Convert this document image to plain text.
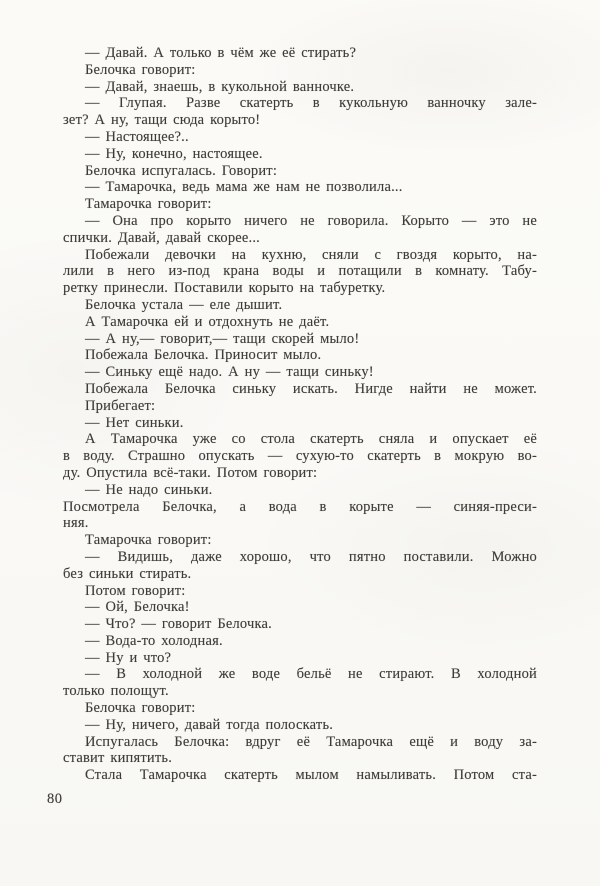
— Давай. А только в чём же её стирать?
Белочка говорит:
— Давай, знаешь, в кукольной ванночке.
— Глупая. Разве скатерть в кукольную ванночку зале-
зет? А ну, тащи сюда корыто!
— Настоящее?..
— Ну, конечно, настоящее.
Белочка испугалась. Говорит:
— Тамарочка, ведь мама же нам не позволила...
Тамарочка говорит:
— Она про корыто ничего не говорила. Корыто — это не
спички. Давай, давай скорее...
Побежали девочки на кухню, сняли с гвоздя корыто, на-
лили в него из-под крана воды и потащили в комнату. Табу-
ретку принесли. Поставили корыто на табуретку.
Белочка устала — еле дышит.
А Тамарочка ей и отдохнуть не даёт.
— А ну,— говорит,— тащи скорей мыло!
Побежала Белочка. Приносит мыло.
— Синьку ещё надо. А ну — тащи синьку!
Побежала Белочка синьку искать. Нигде найти не может.
Прибегает:
— Нет синьки.
А Тамарочка уже со стола скатерть сняла и опускает её
в воду. Страшно опускать — сухую-то скатерть в мокрую во-
ду. Опустила всё-таки. Потом говорит:
— Не надо синьки.
Посмотрела Белочка, а вода в корыте — синяя-преси-
няя.
Тамарочка говорит:
— Видишь, даже хорошо, что пятно поставили. Можно
без синьки стирать.
Потом говорит:
— Ой, Белочка!
— Что? — говорит Белочка.
— Вода-то холодная.
— Ну и что?
— В холодной же воде бельё не стирают. В холодной
только полощут.
Белочка говорит:
— Ну, ничего, давай тогда полоскать.
Испугалась Белочка: вдруг её Тамарочка ещё и воду за-
ставит кипятить.
Стала Тамарочка скатерть мылом намыливать. Потом ста-
80
